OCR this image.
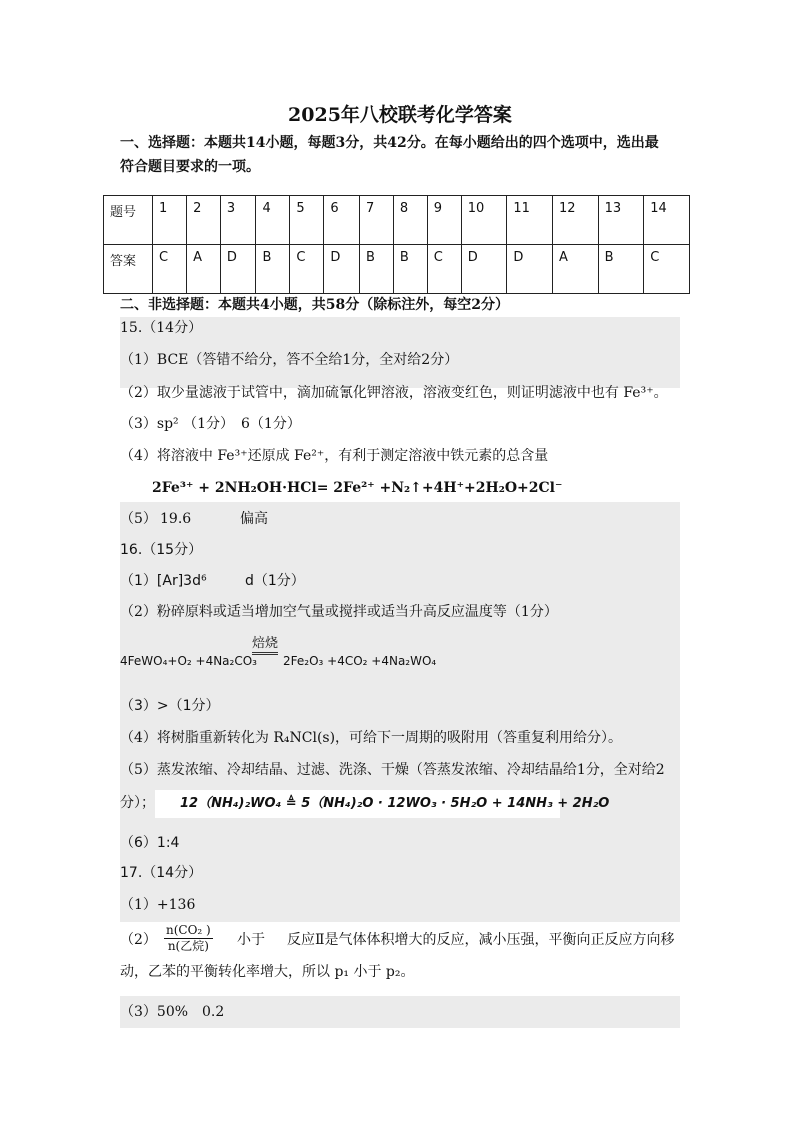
2025年八校联考化学答案
一、选择题：本题共14小题，每题3分，共42分。在每小题给出的四个选项中，选出最
符合题目要求的一项。
题号	1	2	3	4	5	6	7	8	9	10	11	12	13	14
答案	C	A	D	B	C	D	B	B	C	D	D	A	B	C
二、非选择题：本题共4小题，共58分（除标注外，每空2分）
15.（14分）
（1）BCE（答错不给分，答不全给1分，全对给2分）
（2）取少量滤液于试管中，滴加硫氰化钾溶液，溶液变红色，则证明滤液中也有 Fe³⁺。
（3）sp² （1分）　6（1分）
（4）将溶液中 Fe³⁺还原成 Fe²⁺，有利于测定溶液中铁元素的总含量
2Fe³⁺ + 2NH₂OH·HCl= 2Fe²⁺ +N₂↑+4H⁺+2H₂O+2Cl⁻
（5） 19.6	偏高
16.（15分）
（1）[Ar]3d⁶	d（1分）
（2）粉碎原料或适当增加空气量或搅拌或适当升高反应温度等（1分）
焙烧
4FeWO₄+O₂ +4Na₂CO₃ 2Fe₂O₃ +4CO₂ +4Na₂WO₄
（3）>（1分）
（4）将树脂重新转化为 R₄NCl(s)，可给下一周期的吸附用（答重复利用给分）。
（5）蒸发浓缩、冷却结晶、过滤、洗涤、干燥（答蒸发浓缩、冷却结晶给1分，全对给2
分）； 12（NH₄)₂WO₄ ≜ 5（NH₄)₂O · 12WO₃ · 5H₂O + 14NH₃ + 2H₂O
（6）1:4
17.（14分）
（1）+136
$(2) \frac{\text{n(CO₂ )}}{\text{n(乙烷)}}$ 小于 反应Ⅱ是气体体积增大的反应，减小压强，平衡向正反应方向移
动，乙苯的平衡转化率增大，所以 p₁ 小于 p₂。
（3）50%　0.2
